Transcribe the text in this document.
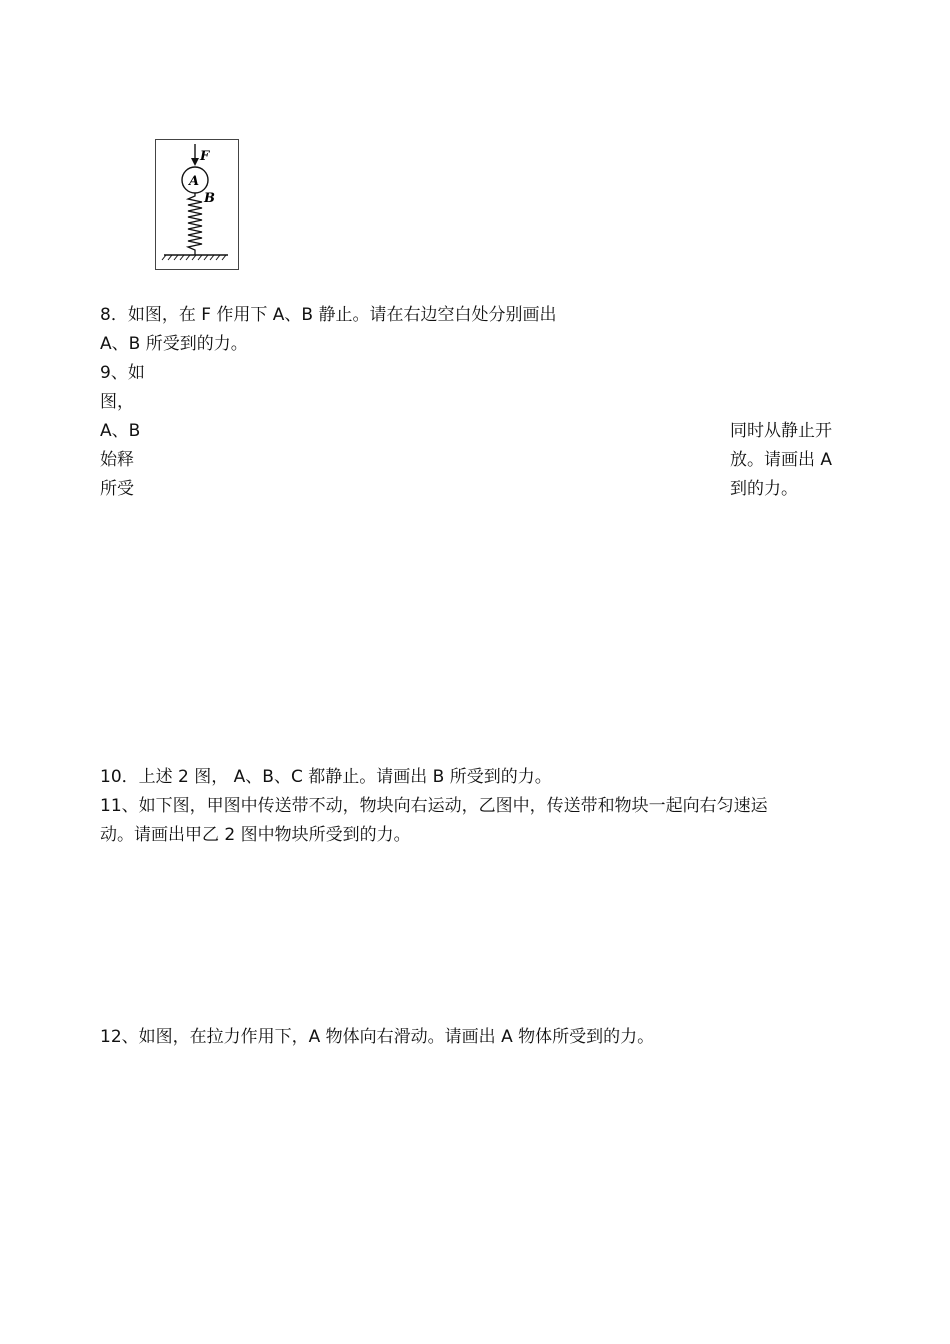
F
A
B
8．如图，在 F 作用下 A、B 静止。请在右边空白处分别画出
A、B 所受到的力。
9、如
图，
A、B
始释
所受
同时从静止开
放。请画出 A
到的力。
10．上述 2 图， A、B、C 都静止。请画出 B 所受到的力。
11、如下图，甲图中传送带不动，物块向右运动，乙图中，传送带和物块一起向右匀速运
动。请画出甲乙 2 图中物块所受到的力。
12、如图，在拉力作用下，A 物体向右滑动。请画出 A 物体所受到的力。
